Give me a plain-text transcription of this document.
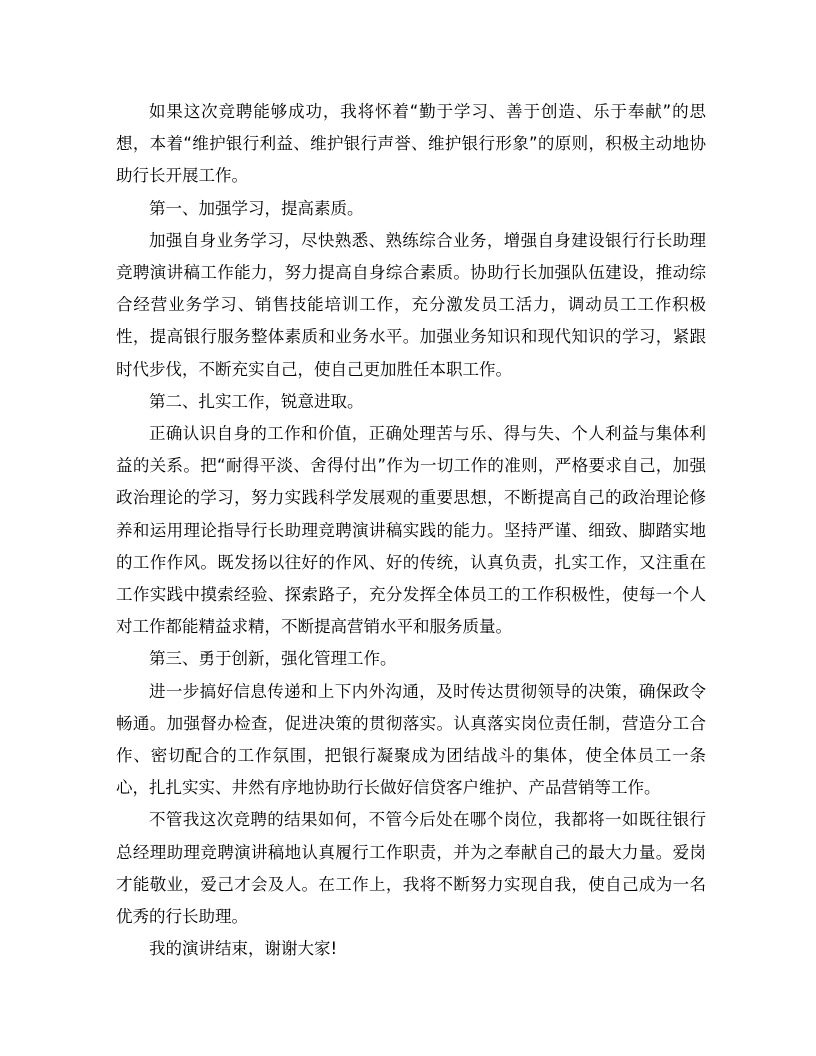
如果这次竞聘能够成功，我将怀着“勤于学习、善于创造、乐于奉献”的思想，本着“维护银行利益、维护银行声誉、维护银行形象”的原则，积极主动地协助行长开展工作。

第一、加强学习，提高素质。

加强自身业务学习，尽快熟悉、熟练综合业务，增强自身建设银行行长助理竞聘演讲稿工作能力，努力提高自身综合素质。协助行长加强队伍建设，推动综合经营业务学习、销售技能培训工作，充分激发员工活力，调动员工工作积极性，提高银行服务整体素质和业务水平。加强业务知识和现代知识的学习，紧跟时代步伐，不断充实自己，使自己更加胜任本职工作。

第二、扎实工作，锐意进取。

正确认识自身的工作和价值，正确处理苦与乐、得与失、个人利益与集体利益的关系。把“耐得平淡、舍得付出”作为一切工作的准则，严格要求自己，加强政治理论的学习，努力实践科学发展观的重要思想，不断提高自己的政治理论修养和运用理论指导行长助理竞聘演讲稿实践的能力。坚持严谨、细致、脚踏实地的工作作风。既发扬以往好的作风、好的传统，认真负责，扎实工作，又注重在工作实践中摸索经验、探索路子，充分发挥全体员工的工作积极性，使每一个人对工作都能精益求精，不断提高营销水平和服务质量。

第三、勇于创新，强化管理工作。

进一步搞好信息传递和上下内外沟通，及时传达贯彻领导的决策，确保政令畅通。加强督办检查，促进决策的贯彻落实。认真落实岗位责任制，营造分工合作、密切配合的工作氛围，把银行凝聚成为团结战斗的集体，使全体员工一条心，扎扎实实、井然有序地协助行长做好信贷客户维护、产品营销等工作。

不管我这次竞聘的结果如何，不管今后处在哪个岗位，我都将一如既往银行总经理助理竞聘演讲稿地认真履行工作职责，并为之奉献自己的最大力量。爱岗才能敬业，爱己才会及人。在工作上，我将不断努力实现自我，使自己成为一名优秀的行长助理。

我的演讲结束，谢谢大家!
